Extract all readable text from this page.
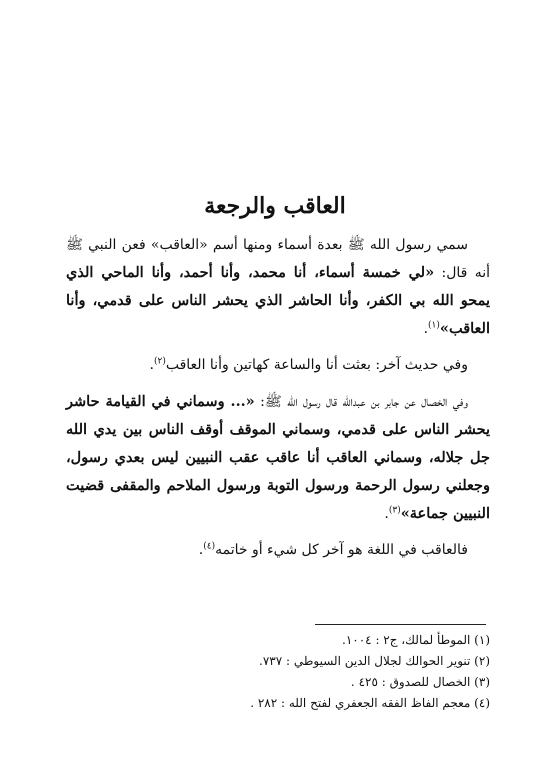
العاقب والرجعة

سمي رسول الله ﷺ بعدة أسماء ومنها أسم «العاقب» فعن النبي ﷺ أنه قال: «لي خمسة أسماء، أنا محمد، وأنا أحمد، وأنا الماحي الذي يمحو الله بي الكفر، وأنا الحاشر الذي يحشر الناس على قدمي، وأنا العاقب»$^{(١)}$.

وفي حديث آخر: بعثت أنا والساعة كهاتين وأنا العاقب$^{(٢)}$.

وفي الخصال عن جابر بن عبدالله قال رسول الله ﷺ: «... وسماني في القيامة حاشر يحشر الناس على قدمي، وسماني الموقف أوقف الناس بين يدي الله جل جلاله، وسماني العاقب أنا عاقب عقب النبيين ليس بعدي رسول، وجعلني رسول الرحمة ورسول التوبة ورسول الملاحم والمقفى قضيت النبيين جماعة»$^{(٣)}$.

فالعاقب في اللغة هو آخر كل شيء أو خاتمه$^{(٤)}$.

(١) الموطأ لمالك، ج٢ : ١٠٠٤.
(٢) تنوير الحوالك لجلال الدين السيوطي : ٧٣٧.
(٣) الخصال للصدوق : ٤٢٥ .
(٤) معجم الفاظ الفقه الجعفري لفتح الله : ٢٨٢ .
